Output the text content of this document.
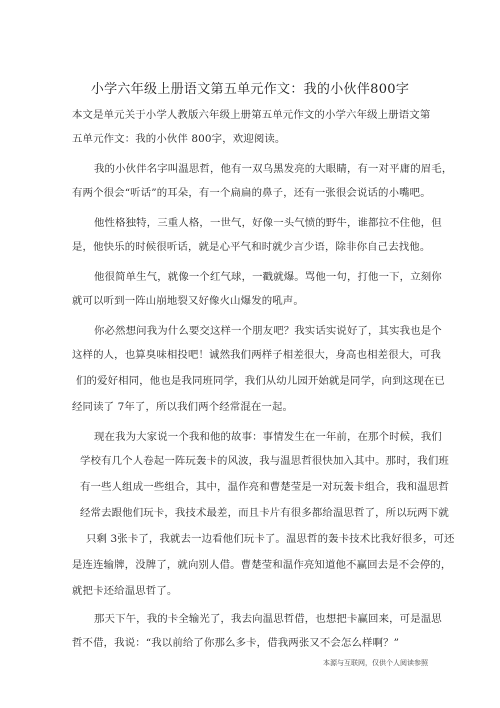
小学六年级上册语文第五单元作文：我的小伙伴800字
本文是单元关于小学人教版六年级上册第五单元作文的小学六年级上册语文第
五单元作文：我的小伙伴 800字，欢迎阅读。
我的小伙伴名字叫温思哲，他有一双乌黑发亮的大眼睛，有一对平庸的眉毛，
有两个很会“听话”的耳朵，有一个扁扁的鼻子，还有一张很会说话的小嘴吧。
他性格独特，三重人格，一世气，好像一头气愤的野牛，谁都拉不住他，但
是，他快乐的时候很听话，就是心平气和时就少言少语，除非你自己去找他。
他很简单生气，就像一个红气球，一戳就爆。骂他一句，打他一下，立刻你
就可以听到一阵山崩地裂又好像火山爆发的吼声。
你必然想问我为什么要交这样一个朋友吧？我实话实说好了，其实我也是个
这样的人，也算臭味相投吧！诚然我们两样子相差很大，身高也相差很大，可我
们的爱好相同，他也是我同班同学，我们从幼儿园开始就是同学，向到这现在已
经同读了 7年了，所以我们两个经常混在一起。
现在我为大家说一个我和他的故事：事情发生在一年前，在那个时候，我们
学校有几个人卷起一阵玩轰卡的风波，我与温思哲很快加入其中。那时，我们班
有一些人组成一些组合，其中，温作亮和曹楚莹是一对玩轰卡组合，我和温思哲
经常去跟他们玩卡，我技术最差，而且卡片有很多都给温思哲了，所以玩两下就
只剩 3张卡了，我就去一边看他们玩卡了。温思哲的轰卡技术比我好很多，可还
是连连输牌，没牌了，就向别人借。曹楚莹和温作亮知道他不赢回去是不会停的，
就把卡还给温思哲了。
那天下午，我的卡全输光了，我去向温思哲借，也想把卡赢回来，可是温思
哲不借，我说：“我以前给了你那么多卡，借我两张又不会怎么样啊？”
本源与互联网，仅供个人阅读参照
